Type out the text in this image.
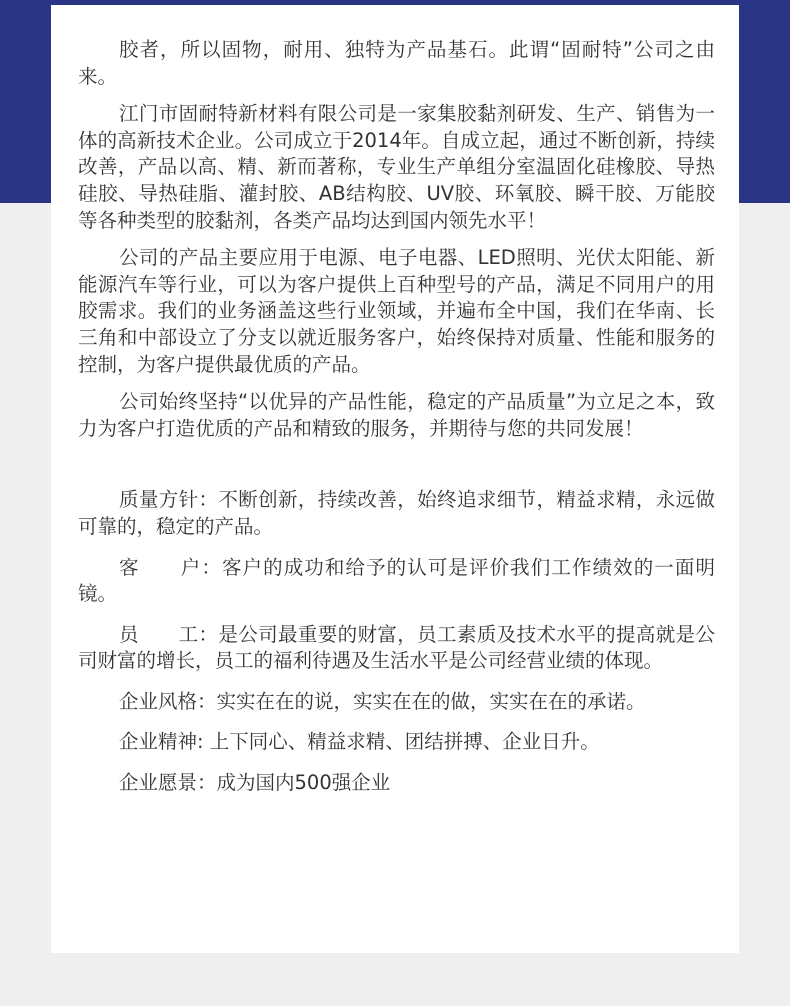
胶者，所以固物，耐用、独特为产品基石。此谓“固耐特”公司之由来。

江门市固耐特新材料有限公司是一家集胶黏剂研发、生产、销售为一体的高新技术企业。公司成立于2014年。自成立起，通过不断创新，持续改善，产品以高、精、新而著称，专业生产单组分室温固化硅橡胶、导热硅胶、导热硅脂、灌封胶、AB结构胶、UV胶、环氧胶、瞬干胶、万能胶等各种类型的胶黏剂，各类产品均达到国内领先水平！

公司的产品主要应用于电源、电子电器、LED照明、光伏太阳能、新能源汽车等行业，可以为客户提供上百种型号的产品，满足不同用户的用胶需求。我们的业务涵盖这些行业领域，并遍布全中国，我们在华南、长三角和中部设立了分支以就近服务客户，始终保持对质量、性能和服务的控制，为客户提供最优质的产品。

公司始终坚持“以优异的产品性能，稳定的产品质量”为立足之本，致力为客户打造优质的产品和精致的服务，并期待与您的共同发展！

质量方针：不断创新，持续改善，始终追求细节，精益求精，永远做可靠的，稳定的产品。

客　　户：客户的成功和给予的认可是评价我们工作绩效的一面明镜。

员　　工：是公司最重要的财富，员工素质及技术水平的提高就是公司财富的增长，员工的福利待遇及生活水平是公司经营业绩的体现。

企业风格：实实在在的说，实实在在的做，实实在在的承诺。

企业精神: 上下同心、精益求精、团结拼搏、企业日升。

企业愿景：成为国内500强企业
